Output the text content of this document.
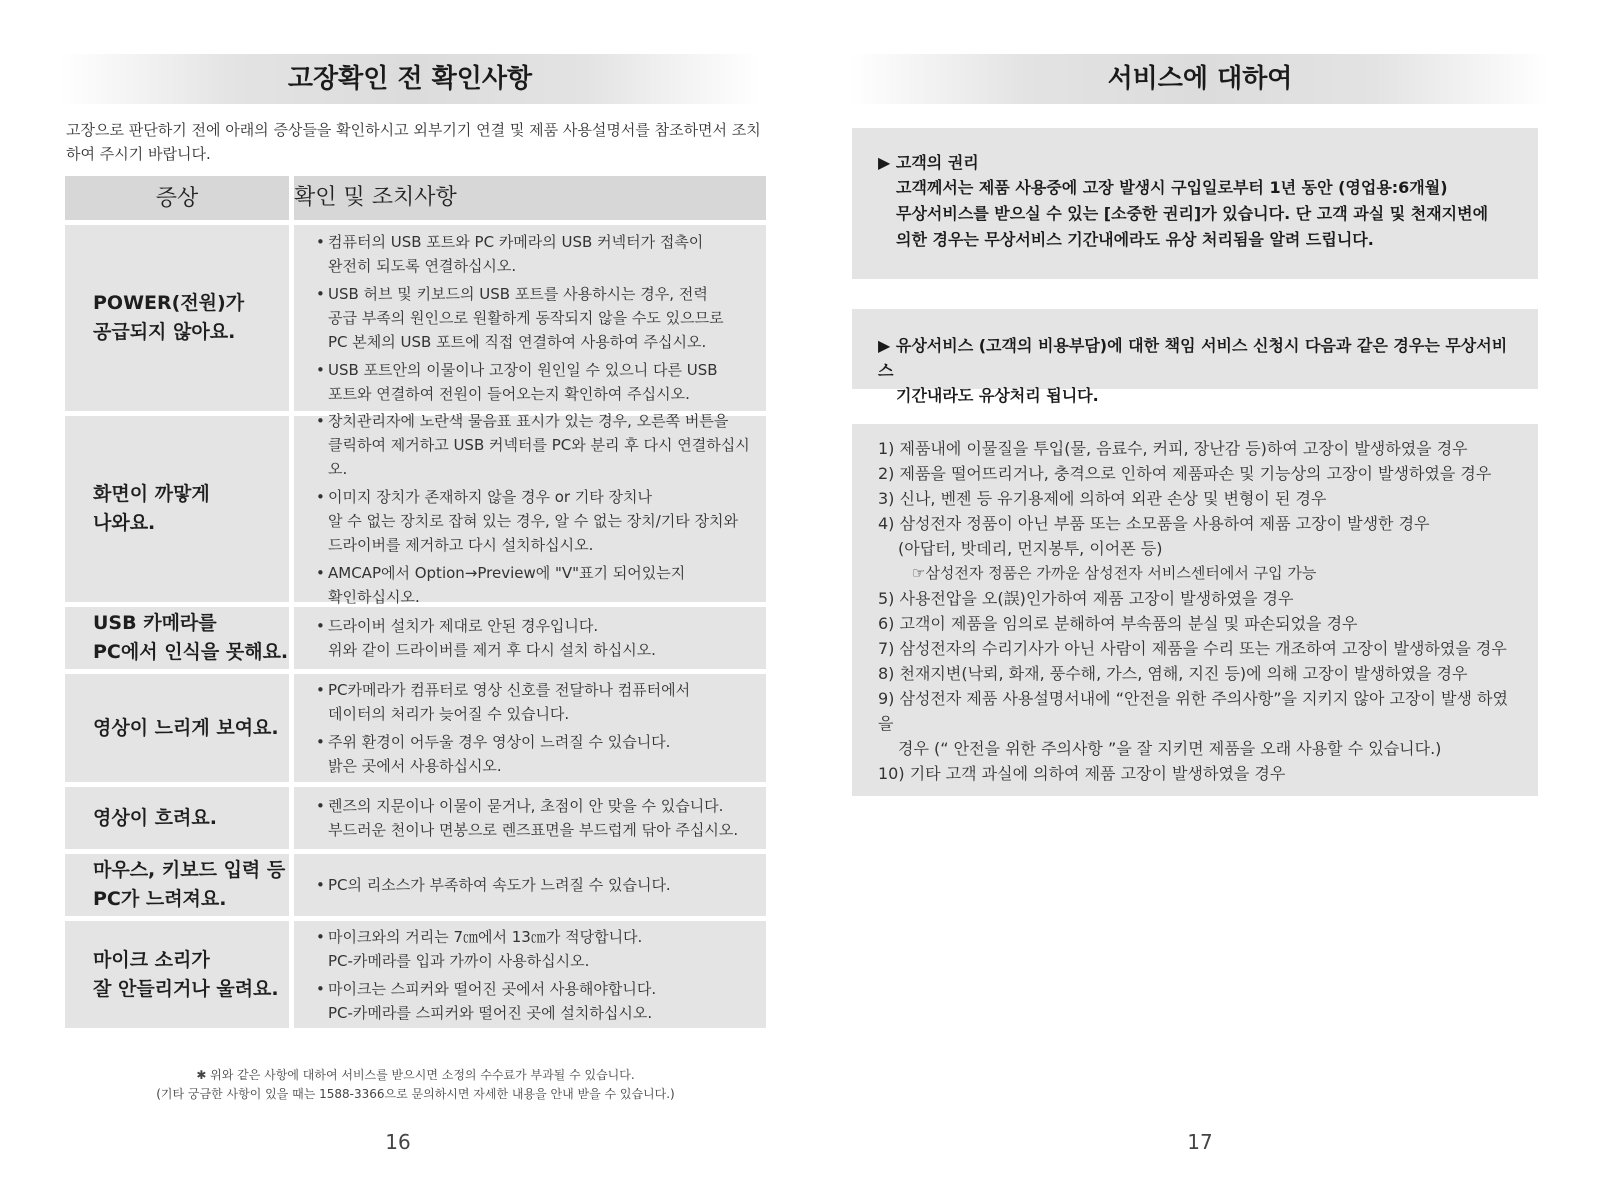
고장확인 전 확인사항
고장으로 판단하기 전에 아래의 증상들을 확인하시고 외부기기 연결 및 제품 사용설명서를 참조하면서 조치하여 주시기 바랍니다.
증상	확인 및 조치사항
POWER(전원)가
공급되지 않아요.
• 컴퓨터의 USB 포트와 PC 카메라의 USB 커넥터가 접촉이
완전히 되도록 연결하십시오.
• USB 허브 및 키보드의 USB 포트를 사용하시는 경우, 전력
공급 부족의 원인으로 원활하게 동작되지 않을 수도 있으므로
PC 본체의 USB 포트에 직접 연결하여 사용하여 주십시오.
• USB 포트안의 이물이나 고장이 원인일 수 있으니 다른 USB
포트와 연결하여 전원이 들어오는지 확인하여 주십시오.
화면이 까맣게
나와요.
• 장치관리자에 노란색 물음표 표시가 있는 경우, 오른쪽 버튼을
클릭하여 제거하고 USB 커넥터를 PC와 분리 후 다시 연결하십시오.
• 이미지 장치가 존재하지 않을 경우 or 기타 장치나
알 수 없는 장치로 잡혀 있는 경우, 알 수 없는 장치/기타 장치와
드라이버를 제거하고 다시 설치하십시오.
• AMCAP에서 Option→Preview에 "V"표기 되어있는지
확인하십시오.
USB 카메라를
PC에서 인식을 못해요.
• 드라이버 설치가 제대로 안된 경우입니다.
위와 같이 드라이버를 제거 후 다시 설치 하십시오.
영상이 느리게 보여요.
• PC카메라가 컴퓨터로 영상 신호를 전달하나 컴퓨터에서
데이터의 처리가 늦어질 수 있습니다.
• 주위 환경이 어두울 경우 영상이 느려질 수 있습니다.
밝은 곳에서 사용하십시오.
영상이 흐려요.
• 렌즈의 지문이나 이물이 묻거나, 초점이 안 맞을 수 있습니다.
부드러운 천이나 면봉으로 렌즈표면을 부드럽게 닦아 주십시오.
마우스, 키보드 입력 등
PC가 느려져요.
• PC의 리소스가 부족하여 속도가 느려질 수 있습니다.
마이크 소리가
잘 안들리거나 울려요.
• 마이크와의 거리는 7㎝에서 13㎝가 적당합니다.
PC-카메라를 입과 가까이 사용하십시오.
• 마이크는 스피커와 떨어진 곳에서 사용해야합니다.
PC-카메라를 스피커와 떨어진 곳에 설치하십시오.
✱ 위와 같은 사항에 대하여 서비스를 받으시면 소정의 수수료가 부과될 수 있습니다.
(기타 궁금한 사항이 있을 때는 1588-3366으로 문의하시면 자세한 내용을 안내 받을 수 있습니다.)
16
서비스에 대하여
▶ 고객의 권리
고객께서는 제품 사용중에 고장 발생시 구입일로부터 1년 동안 (영업용:6개월)
무상서비스를 받으실 수 있는 [소중한 권리]가 있습니다. 단 고객 과실 및 천재지변에
의한 경우는 무상서비스 기간내에라도 유상 처리됨을 알려 드립니다.
▶ 유상서비스 (고객의 비용부담)에 대한 책임 서비스 신청시 다음과 같은 경우는 무상서비스
기간내라도 유상처리 됩니다.
1) 제품내에 이물질을 투입(물, 음료수, 커피, 장난감 등)하여 고장이 발생하였을 경우
2) 제품을 떨어뜨리거나, 충격으로 인하여 제품파손 및 기능상의 고장이 발생하였을 경우
3) 신나, 벤젠 등 유기용제에 의하여 외관 손상 및 변형이 된 경우
4) 삼성전자 정품이 아닌 부품 또는 소모품을 사용하여 제품 고장이 발생한 경우
(아답터, 밧데리, 먼지봉투, 이어폰 등)
☞삼성전자 정품은 가까운 삼성전자 서비스센터에서 구입 가능
5) 사용전압을 오(誤)인가하여 제품 고장이 발생하였을 경우
6) 고객이 제품을 임의로 분해하여 부속품의 분실 및 파손되었을 경우
7) 삼성전자의 수리기사가 아닌 사람이 제품을 수리 또는 개조하여 고장이 발생하였을 경우
8) 천재지변(낙뢰, 화재, 풍수해, 가스, 염해, 지진 등)에 의해 고장이 발생하였을 경우
9) 삼성전자 제품 사용설명서내에 “안전을 위한 주의사항”을 지키지 않아 고장이 발생 하였을
경우 (“ 안전을 위한 주의사항 ”을 잘 지키면 제품을 오래 사용할 수 있습니다.)
10) 기타 고객 과실에 의하여 제품 고장이 발생하였을 경우
17
